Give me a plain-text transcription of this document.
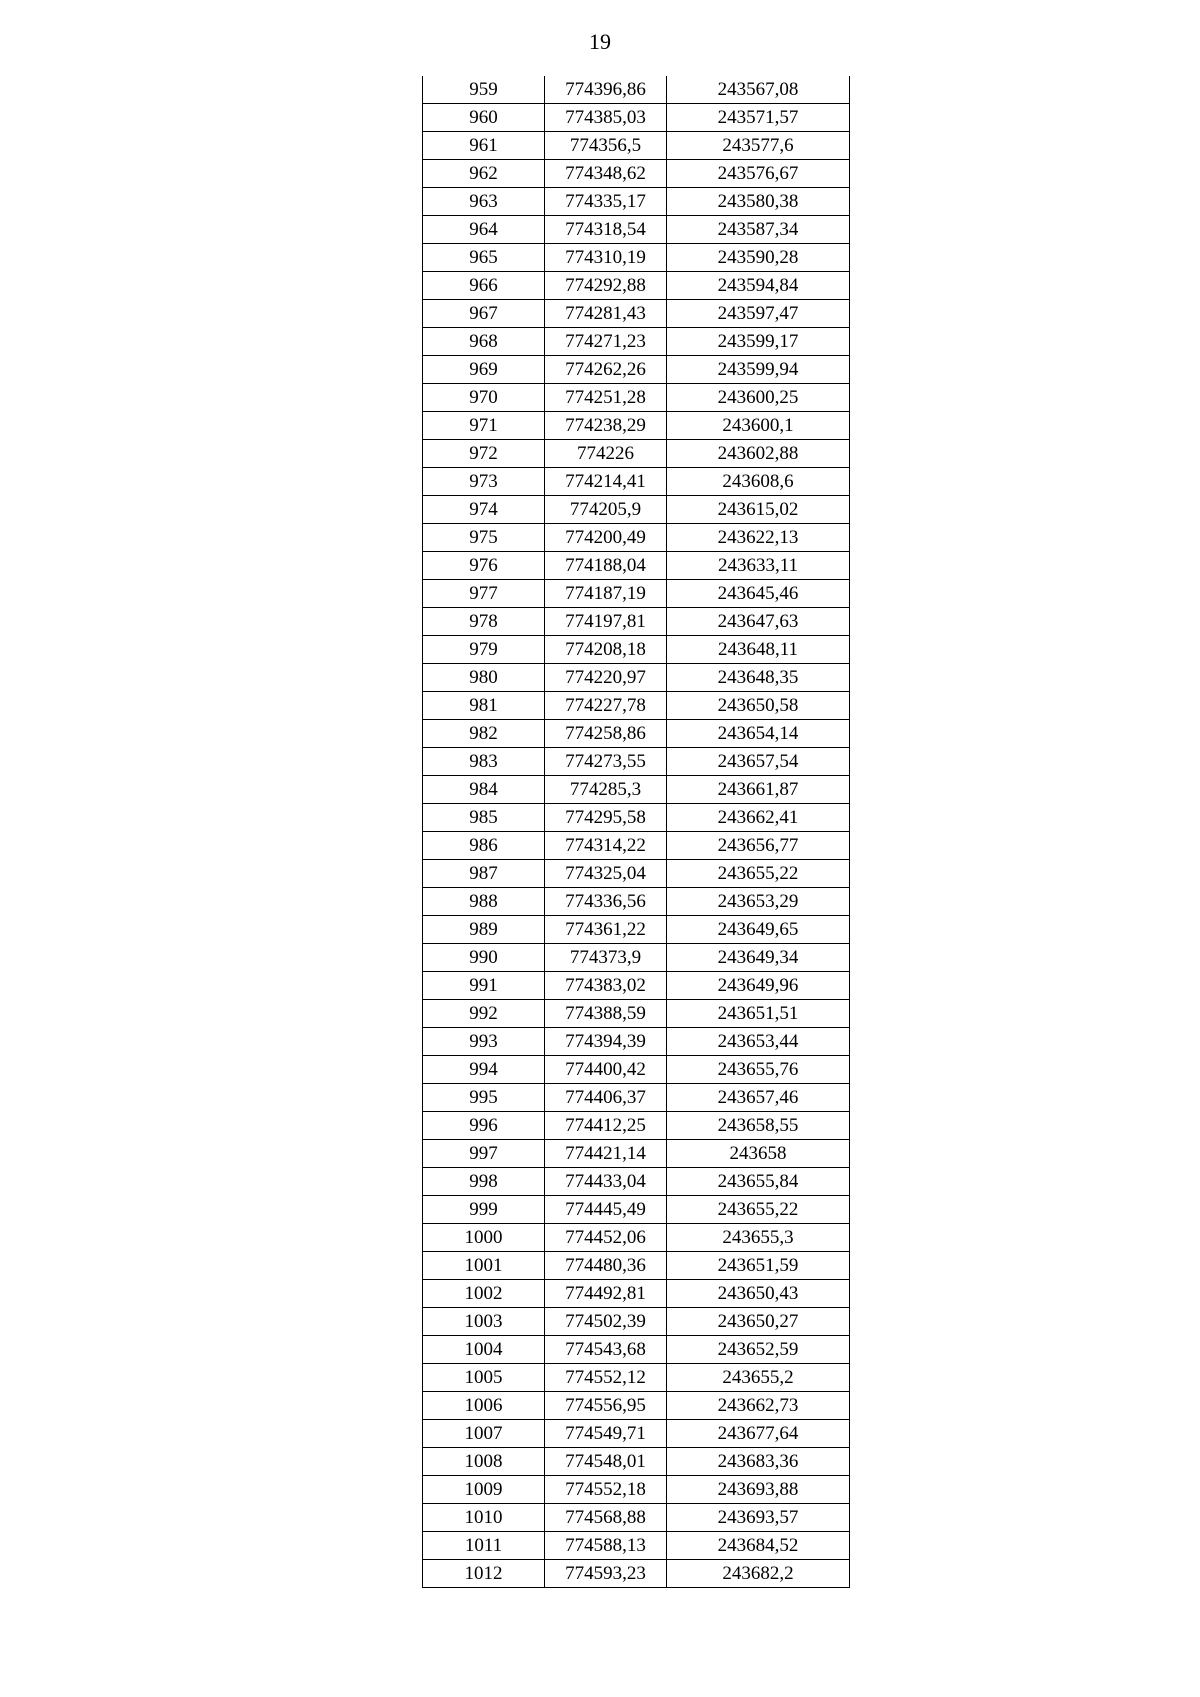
19
959	774396,86	243567,08
960	774385,03	243571,57
961	774356,5	243577,6
962	774348,62	243576,67
963	774335,17	243580,38
964	774318,54	243587,34
965	774310,19	243590,28
966	774292,88	243594,84
967	774281,43	243597,47
968	774271,23	243599,17
969	774262,26	243599,94
970	774251,28	243600,25
971	774238,29	243600,1
972	774226	243602,88
973	774214,41	243608,6
974	774205,9	243615,02
975	774200,49	243622,13
976	774188,04	243633,11
977	774187,19	243645,46
978	774197,81	243647,63
979	774208,18	243648,11
980	774220,97	243648,35
981	774227,78	243650,58
982	774258,86	243654,14
983	774273,55	243657,54
984	774285,3	243661,87
985	774295,58	243662,41
986	774314,22	243656,77
987	774325,04	243655,22
988	774336,56	243653,29
989	774361,22	243649,65
990	774373,9	243649,34
991	774383,02	243649,96
992	774388,59	243651,51
993	774394,39	243653,44
994	774400,42	243655,76
995	774406,37	243657,46
996	774412,25	243658,55
997	774421,14	243658
998	774433,04	243655,84
999	774445,49	243655,22
1000	774452,06	243655,3
1001	774480,36	243651,59
1002	774492,81	243650,43
1003	774502,39	243650,27
1004	774543,68	243652,59
1005	774552,12	243655,2
1006	774556,95	243662,73
1007	774549,71	243677,64
1008	774548,01	243683,36
1009	774552,18	243693,88
1010	774568,88	243693,57
1011	774588,13	243684,52
1012	774593,23	243682,2
